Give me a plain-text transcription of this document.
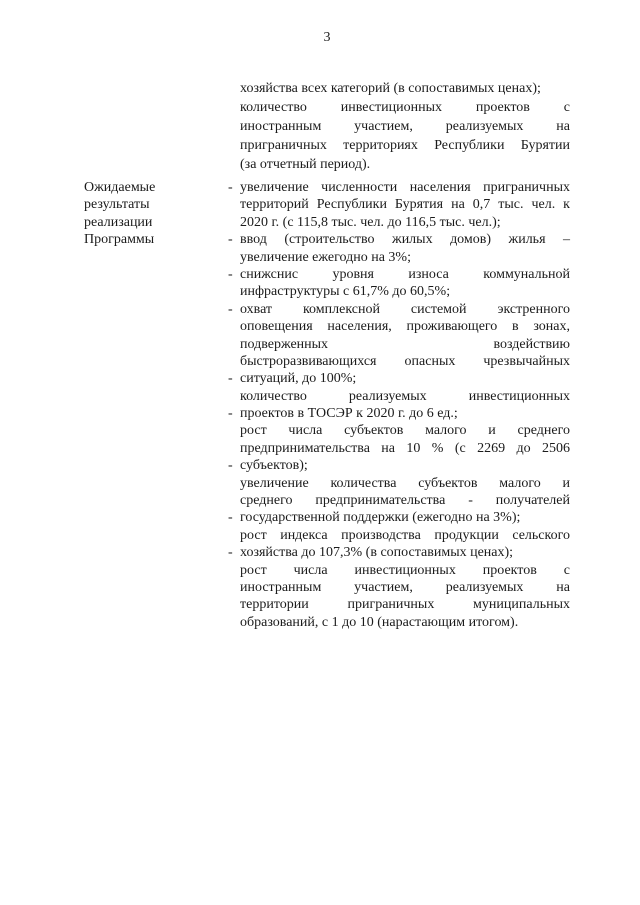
3
хозяйства всех категорий (в сопоставимых ценах);
количество инвестиционных проектов с
иностранным участием, реализуемых на
приграничных территориях Республики Бурятии
(за отчетный период).
Ожидаемые
результаты
реализации
Программы
- увеличение численности населения приграничных
территорий Республики Бурятия на 0,7 тыс. чел. к
2020 г. (с 115,8 тыс. чел. до 116,5 тыс. чел.);
- ввод (строительство жилых домов) жилья –
увеличение ежегодно на 3%;
- снижснис уровня износа коммунальной
инфраструктуры с 61,7% до 60,5%;
- охват комплексной системой экстренного
оповещения населения, проживающего в зонах,
подверженных воздействию
быстроразвивающихся опасных чрезвычайных
- ситуаций, до 100%;
количество реализуемых инвестиционных
- проектов в ТОСЭР к 2020 г. до 6 ед.;
рост числа субъектов малого и среднего
предпринимательства на 10 % (с 2269 до 2506
- субъектов);
увеличение количества субъектов малого и
среднего предпринимательства - получателей
- государственной поддержки (ежегодно на 3%);
рост индекса производства продукции сельского
- хозяйства до 107,3% (в сопоставимых ценах);
рост числа инвестиционных проектов с
иностранным участием, реализуемых на
территории приграничных муниципальных
образований, с 1 до 10 (нарастающим итогом).
